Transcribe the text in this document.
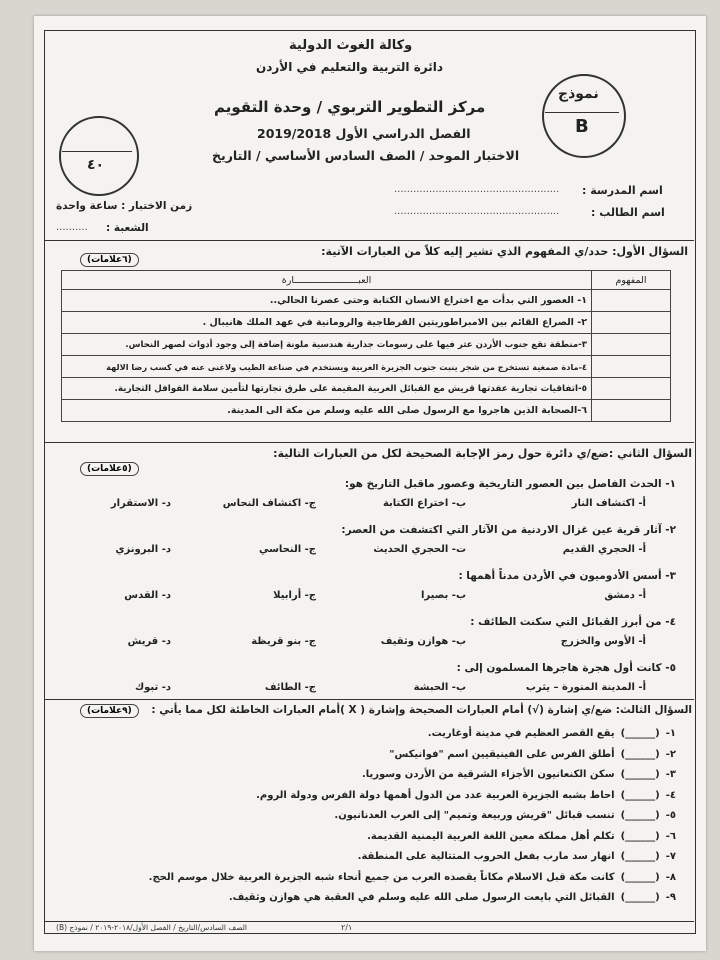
وكالة الغوث الدولية
دائرة التربية والتعليم في الأردن
مركز التطوير التربوي / وحدة التقويم
الفصل الدراسي الأول 2019/2018
الاختبار الموحد / الصف السادس الأساسي / التاريخ
نموذج
B
٤٠
اسم المدرسة :
....................................................
اسم الطالب :
....................................................
زمن الاختبار : ساعة واحدة
الشعبة :
..........
السؤال الأول: حدد/ي المفهوم الذي تشير إليه كلاً من العبارات الآتية:
(٦علامات)
المفهوم	العبـــــــــــــــــــــــارة
	١- العصور التي بدأت مع اختراع الانسان الكتابة وحتى عصرنا الحالي..
	٢- الصراع القائم بين الامبراطوريتين القرطاجية والرومانية في عهد الملك هانيبال .
	٣-منطقة تقع جنوب الأردن عثر فيها على رسومات جدارية هندسية ملونة إضافة إلى وجود أدوات لصهر النحاس.
	٤-مادة صمغية تستخرج من شجر ينبت جنوب الجزيرة العربية ويستخدم في صناعة الطيب ولاغنى عنه في كسب رضا الالهة
	٥-اتفاقيات تجارية عقدتها قريش مع القبائل العربية المقيمة على طرق تجارتها لتأمين سلامة القوافل التجارية.
	٦-الصحابة الذين هاجروا مع الرسول صلى الله عليه وسلم من مكة الى المدينة.
السؤال الثاني :ضع/ي دائرة حول رمز الإجابة الصحيحة لكل من العبارات التالية:
(٥علامات)
١- الحدث الفاصل بين العصور التاريخية وعصور ماقبل التاريخ هو:
أ- اكتشاف النار
ب- اختراع الكتابة
ج- اكتشاف النحاس
د- الاستقرار
٢- آثار قرية عين غزال الاردنية من الآثار التي اكتشفت من العصر:
أ- الحجري القديم
ت- الحجري الحديث
ج- النحاسي
د- البرونزي
٣- أسس الأدوميون في الأردن مدناً أهمها :
أ- دمشق
ب- بصيرا
ج- أرابيلا
د- القدس
٤- من أبرز القبائل التي سكنت الطائف :
أ- الأوس والخزرج
ب- هوازن وثقيف
ج- بنو قريظة
د- قريش
٥- كانت أول هجرة هاجرها المسلمون إلى :
أ- المدينة المنورة – يثرب
ب- الحبشة
ج- الطائف
د- تبوك
السؤال الثالث: ضع/ي إشارة (√) أمام العبارات الصحيحة وإشارة ( X )أمام العبارات الخاطئة لكل مما يأتي :
(٩علامات)
١-(______)يقع القصر العظيم في مدينة أوغاريت.
٢-(______)أطلق الفرس على الفينيقيين اسم "فوانيكس"
٣-(______)سكن الكنعانيون الأجزاء الشرقية من الأردن وسوريا.
٤-(______)احاط بشبه الجزيرة العربية عدد من الدول أهمها دولة الفرس ودولة الروم.
٥-(______)تنسب قبائل "قريش وربيعة وتميم" إلى العرب العدنانيون.
٦-(______)تكلم أهل مملكة معين اللغة العربية اليمنية القديمة.
٧-(______)انهار سد مارب بفعل الحروب المتتالية على المنطقة.
٨-(______)كانت مكة قبل الاسلام مكاناً يقصده العرب من جميع أنحاء شبه الجزيرة العربية خلال موسم الحج.
٩-(______)القبائل التي بايعت الرسول صلى الله عليه وسلم في العقبة هي هوازن وثقيف.
الصف السادس/التاريخ / الفصل الأول/٢٠١٨-٢٠١٩ / نموذج (B)	٢/١
